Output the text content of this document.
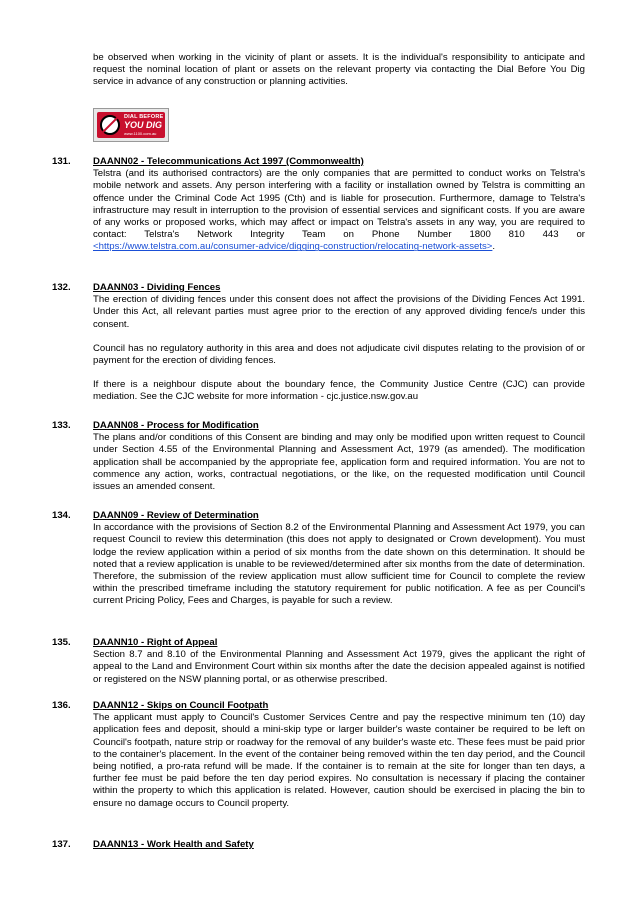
be observed when working in the vicinity of plant or assets. It is the individual's responsibility to anticipate and request the nominal location of plant or assets on the relevant property via contacting the Dial Before You Dig service in advance of any construction or planning activities.

DIAL BEFORE
YOU DIG
www.1100.com.au
131. DAANN02 - Telecommunications Act 1997 (Commonwealth)

Telstra (and its authorised contractors) are the only companies that are permitted to conduct works on Telstra's mobile network and assets. Any person interfering with a facility or installation owned by Telstra is committing an offence under the Criminal Code Act 1995 (Cth) and is liable for prosecution. Furthermore, damage to Telstra's infrastructure may result in interruption to the provision of essential services and significant costs. If you are aware of any works or proposed works, which may affect or impact on Telstra's assets in any way, you are required to contact: Telstra's Network Integrity Team on Phone Number 1800 810 443 or <https://www.telstra.com.au/consumer-advice/digging-construction/relocating-network-assets>.

132. DAANN03 - Dividing Fences

The erection of dividing fences under this consent does not affect the provisions of the Dividing Fences Act 1991. Under this Act, all relevant parties must agree prior to the erection of any approved dividing fence/s under this consent.

Council has no regulatory authority in this area and does not adjudicate civil disputes relating to the provision of or payment for the erection of dividing fences.

If there is a neighbour dispute about the boundary fence, the Community Justice Centre (CJC) can provide mediation. See the CJC website for more information - cjc.justice.nsw.gov.au

133. DAANN08 - Process for Modification

The plans and/or conditions of this Consent are binding and may only be modified upon written request to Council under Section 4.55 of the Environmental Planning and Assessment Act, 1979 (as amended). The modification application shall be accompanied by the appropriate fee, application form and required information. You are not to commence any action, works, contractual negotiations, or the like, on the requested modification until Council issues an amended consent.

134. DAANN09 - Review of Determination

In accordance with the provisions of Section 8.2 of the Environmental Planning and Assessment Act 1979, you can request Council to review this determination (this does not apply to designated or Crown development). You must lodge the review application within a period of six months from the date shown on this determination. It should be noted that a review application is unable to be reviewed/determined after six months from the date of determination. Therefore, the submission of the review application must allow sufficient time for Council to complete the review within the prescribed timeframe including the statutory requirement for public notification. A fee as per Council's current Pricing Policy, Fees and Charges, is payable for such a review.

135. DAANN10 - Right of Appeal

Section 8.7 and 8.10 of the Environmental Planning and Assessment Act 1979, gives the applicant the right of appeal to the Land and Environment Court within six months after the date the decision appealed against is notified or registered on the NSW planning portal, or as otherwise prescribed.

136. DAANN12 - Skips on Council Footpath

The applicant must apply to Council's Customer Services Centre and pay the respective minimum ten (10) day application fees and deposit, should a mini-skip type or larger builder's waste container be required to be left on Council's footpath, nature strip or roadway for the removal of any builder's waste etc. These fees must be paid prior to the container's placement. In the event of the container being removed within the ten day period, and the Council being notified, a pro-rata refund will be made. If the container is to remain at the site for longer than ten days, a further fee must be paid before the ten day period expires. No consultation is necessary if placing the container within the property to which this application is related. However, caution should be exercised in placing the bin to ensure no damage occurs to Council property.

137. DAANN13 - Work Health and Safety
